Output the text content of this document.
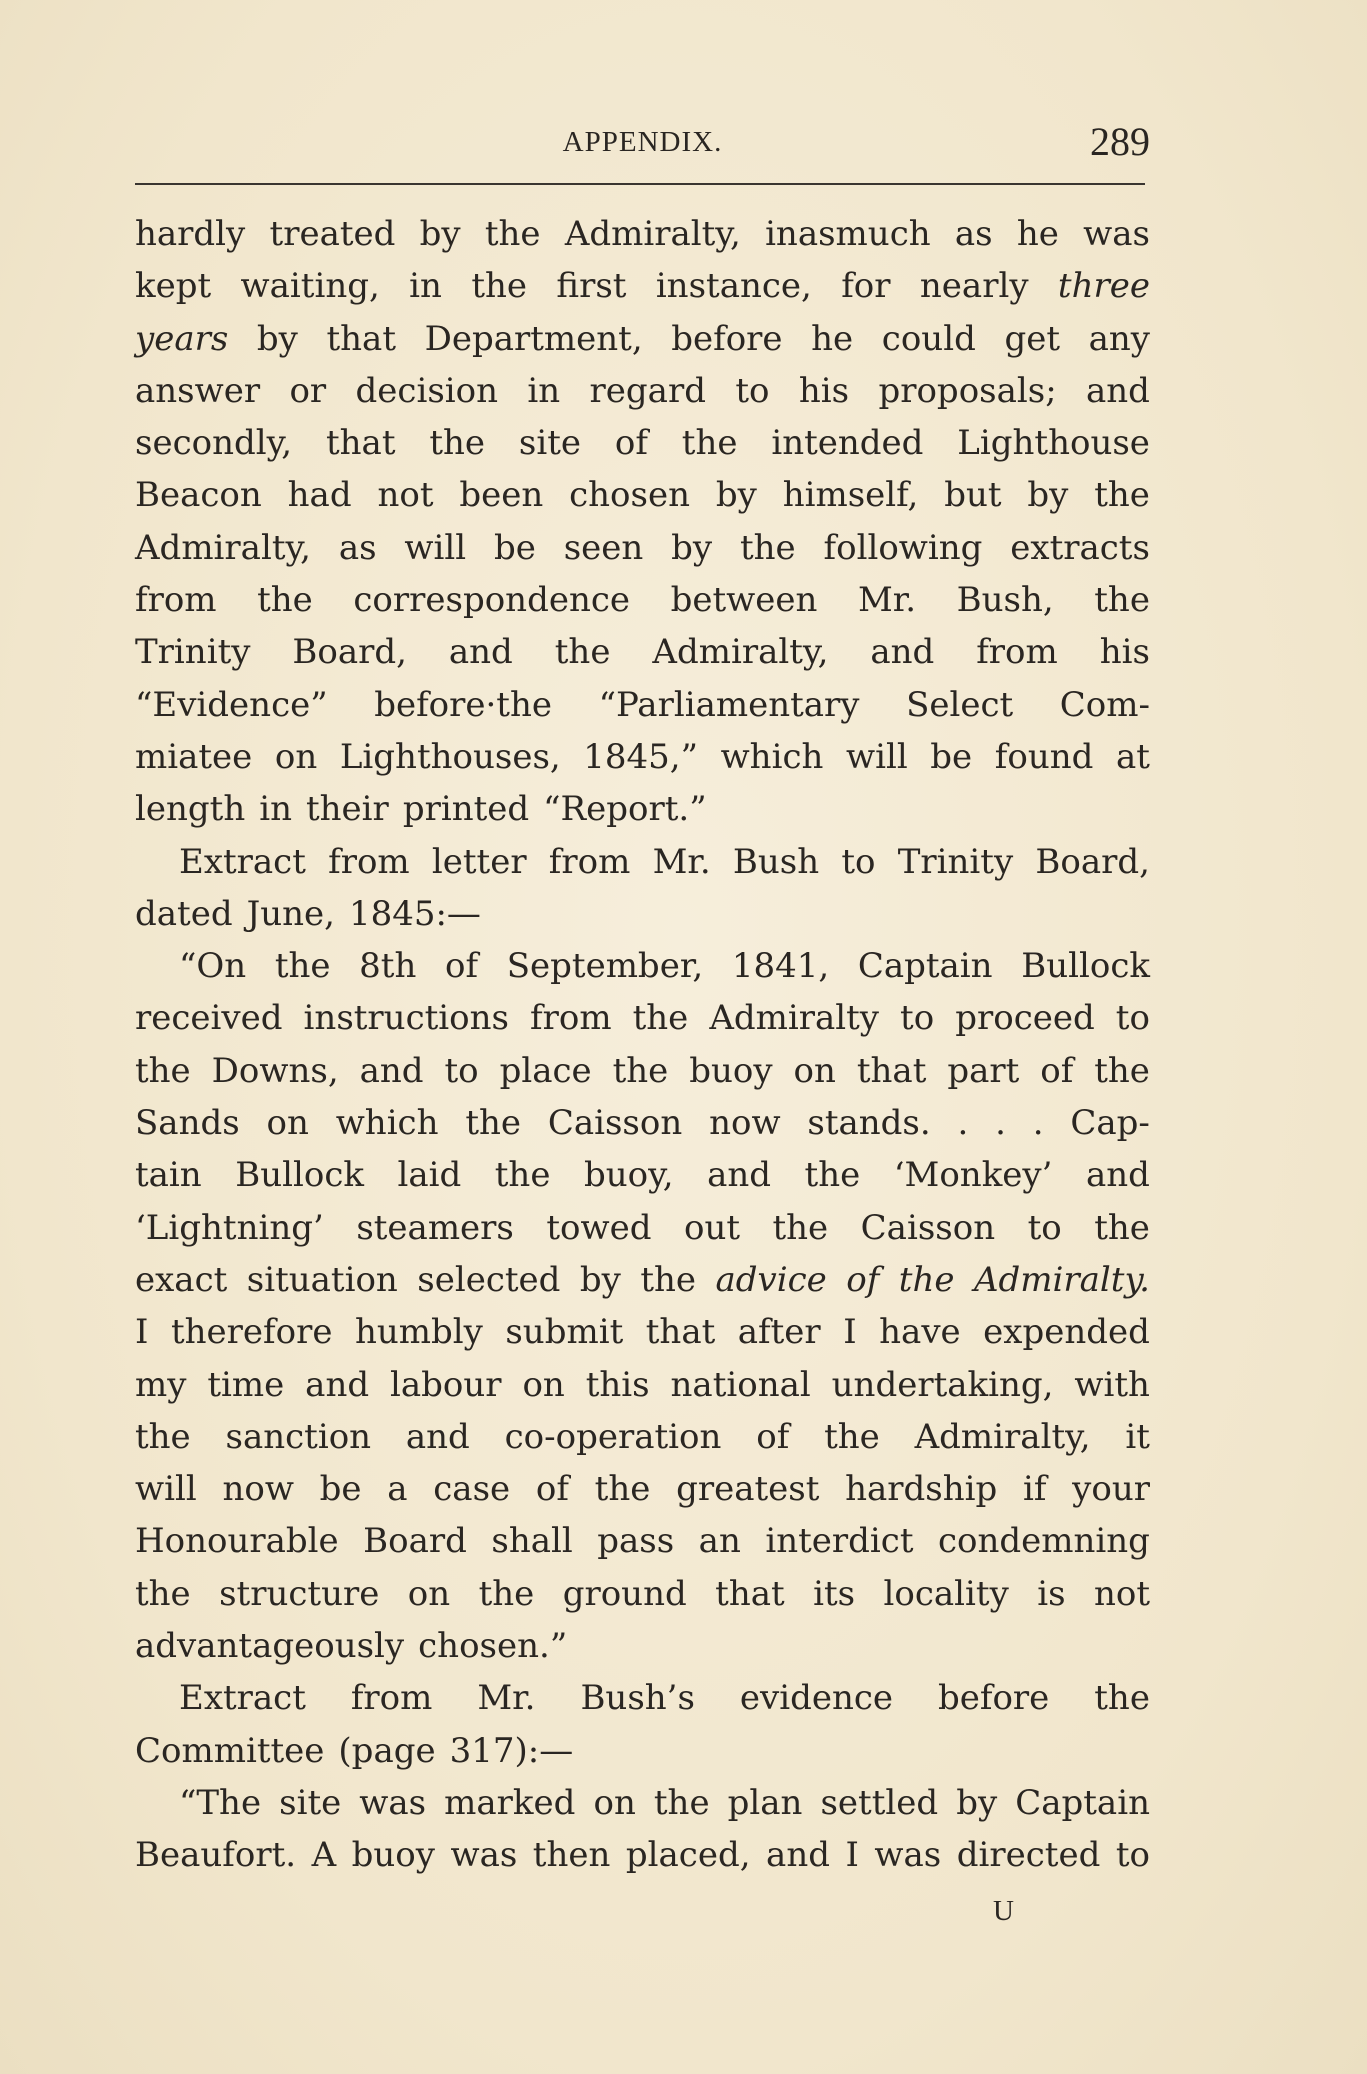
APPENDIX.	289
hardly treated by the Admiralty, inasmuch as he was
kept waiting, in the first instance, for nearly three
years by that Department, before he could get any
answer or decision in regard to his proposals; and
secondly, that the site of the intended Lighthouse
Beacon had not been chosen by himself, but by the
Admiralty, as will be seen by the following extracts
from the correspondence between Mr. Bush, the
Trinity Board, and the Admiralty, and from his
“Evidence” before·the “Parliamentary Select Com-
miatee on Lighthouses, 1845,” which will be found at
length in their printed “Report.”
Extract from letter from Mr. Bush to Trinity Board,
dated June, 1845:—
“On the 8th of September, 1841, Captain Bullock
received instructions from the Admiralty to proceed to
the Downs, and to place the buoy on that part of the
Sands on which the Caisson now stands. . . . Cap-
tain Bullock laid the buoy, and the ‘Monkey’ and
‘Lightning’ steamers towed out the Caisson to the
exact situation selected by the advice of the Admiralty.
I therefore humbly submit that after I have expended
my time and labour on this national undertaking, with
the sanction and co-operation of the Admiralty, it
will now be a case of the greatest hardship if your
Honourable Board shall pass an interdict condemning
the structure on the ground that its locality is not
advantageously chosen.”
Extract from Mr. Bush’s evidence before the
Committee (page 317):—
“The site was marked on the plan settled by Captain
Beaufort. A buoy was then placed, and I was directed to
U
